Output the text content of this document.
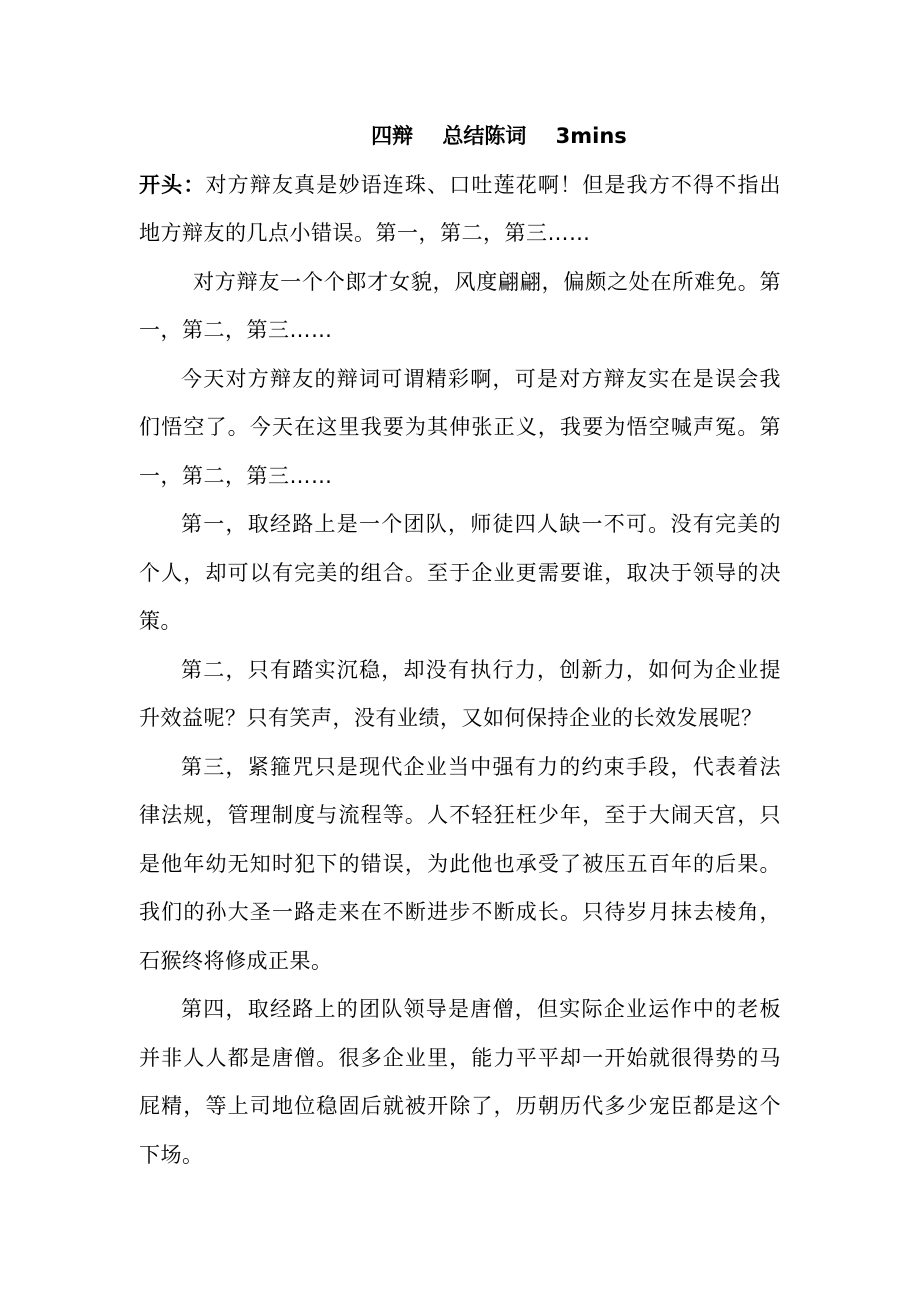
四辩    总结陈词    3mins

开头：对方辩友真是妙语连珠、口吐莲花啊！但是我方不得不指出地方辩友的几点小错误。第一，第二，第三……

对方辩友一个个郎才女貌，风度翩翩，偏颇之处在所难免。第一，第二，第三……

今天对方辩友的辩词可谓精彩啊，可是对方辩友实在是误会我们悟空了。今天在这里我要为其伸张正义，我要为悟空喊声冤。第一，第二，第三……

第一，取经路上是一个团队，师徒四人缺一不可。没有完美的个人，却可以有完美的组合。至于企业更需要谁，取决于领导的决策。

第二，只有踏实沉稳，却没有执行力，创新力，如何为企业提升效益呢？只有笑声，没有业绩，又如何保持企业的长效发展呢？

第三，紧箍咒只是现代企业当中强有力的约束手段，代表着法律法规，管理制度与流程等。人不轻狂枉少年，至于大闹天宫，只是他年幼无知时犯下的错误，为此他也承受了被压五百年的后果。我们的孙大圣一路走来在不断进步不断成长。只待岁月抹去棱角，石猴终将修成正果。

第四，取经路上的团队领导是唐僧，但实际企业运作中的老板并非人人都是唐僧。很多企业里，能力平平却一开始就很得势的马屁精，等上司地位稳固后就被开除了，历朝历代多少宠臣都是这个下场。
